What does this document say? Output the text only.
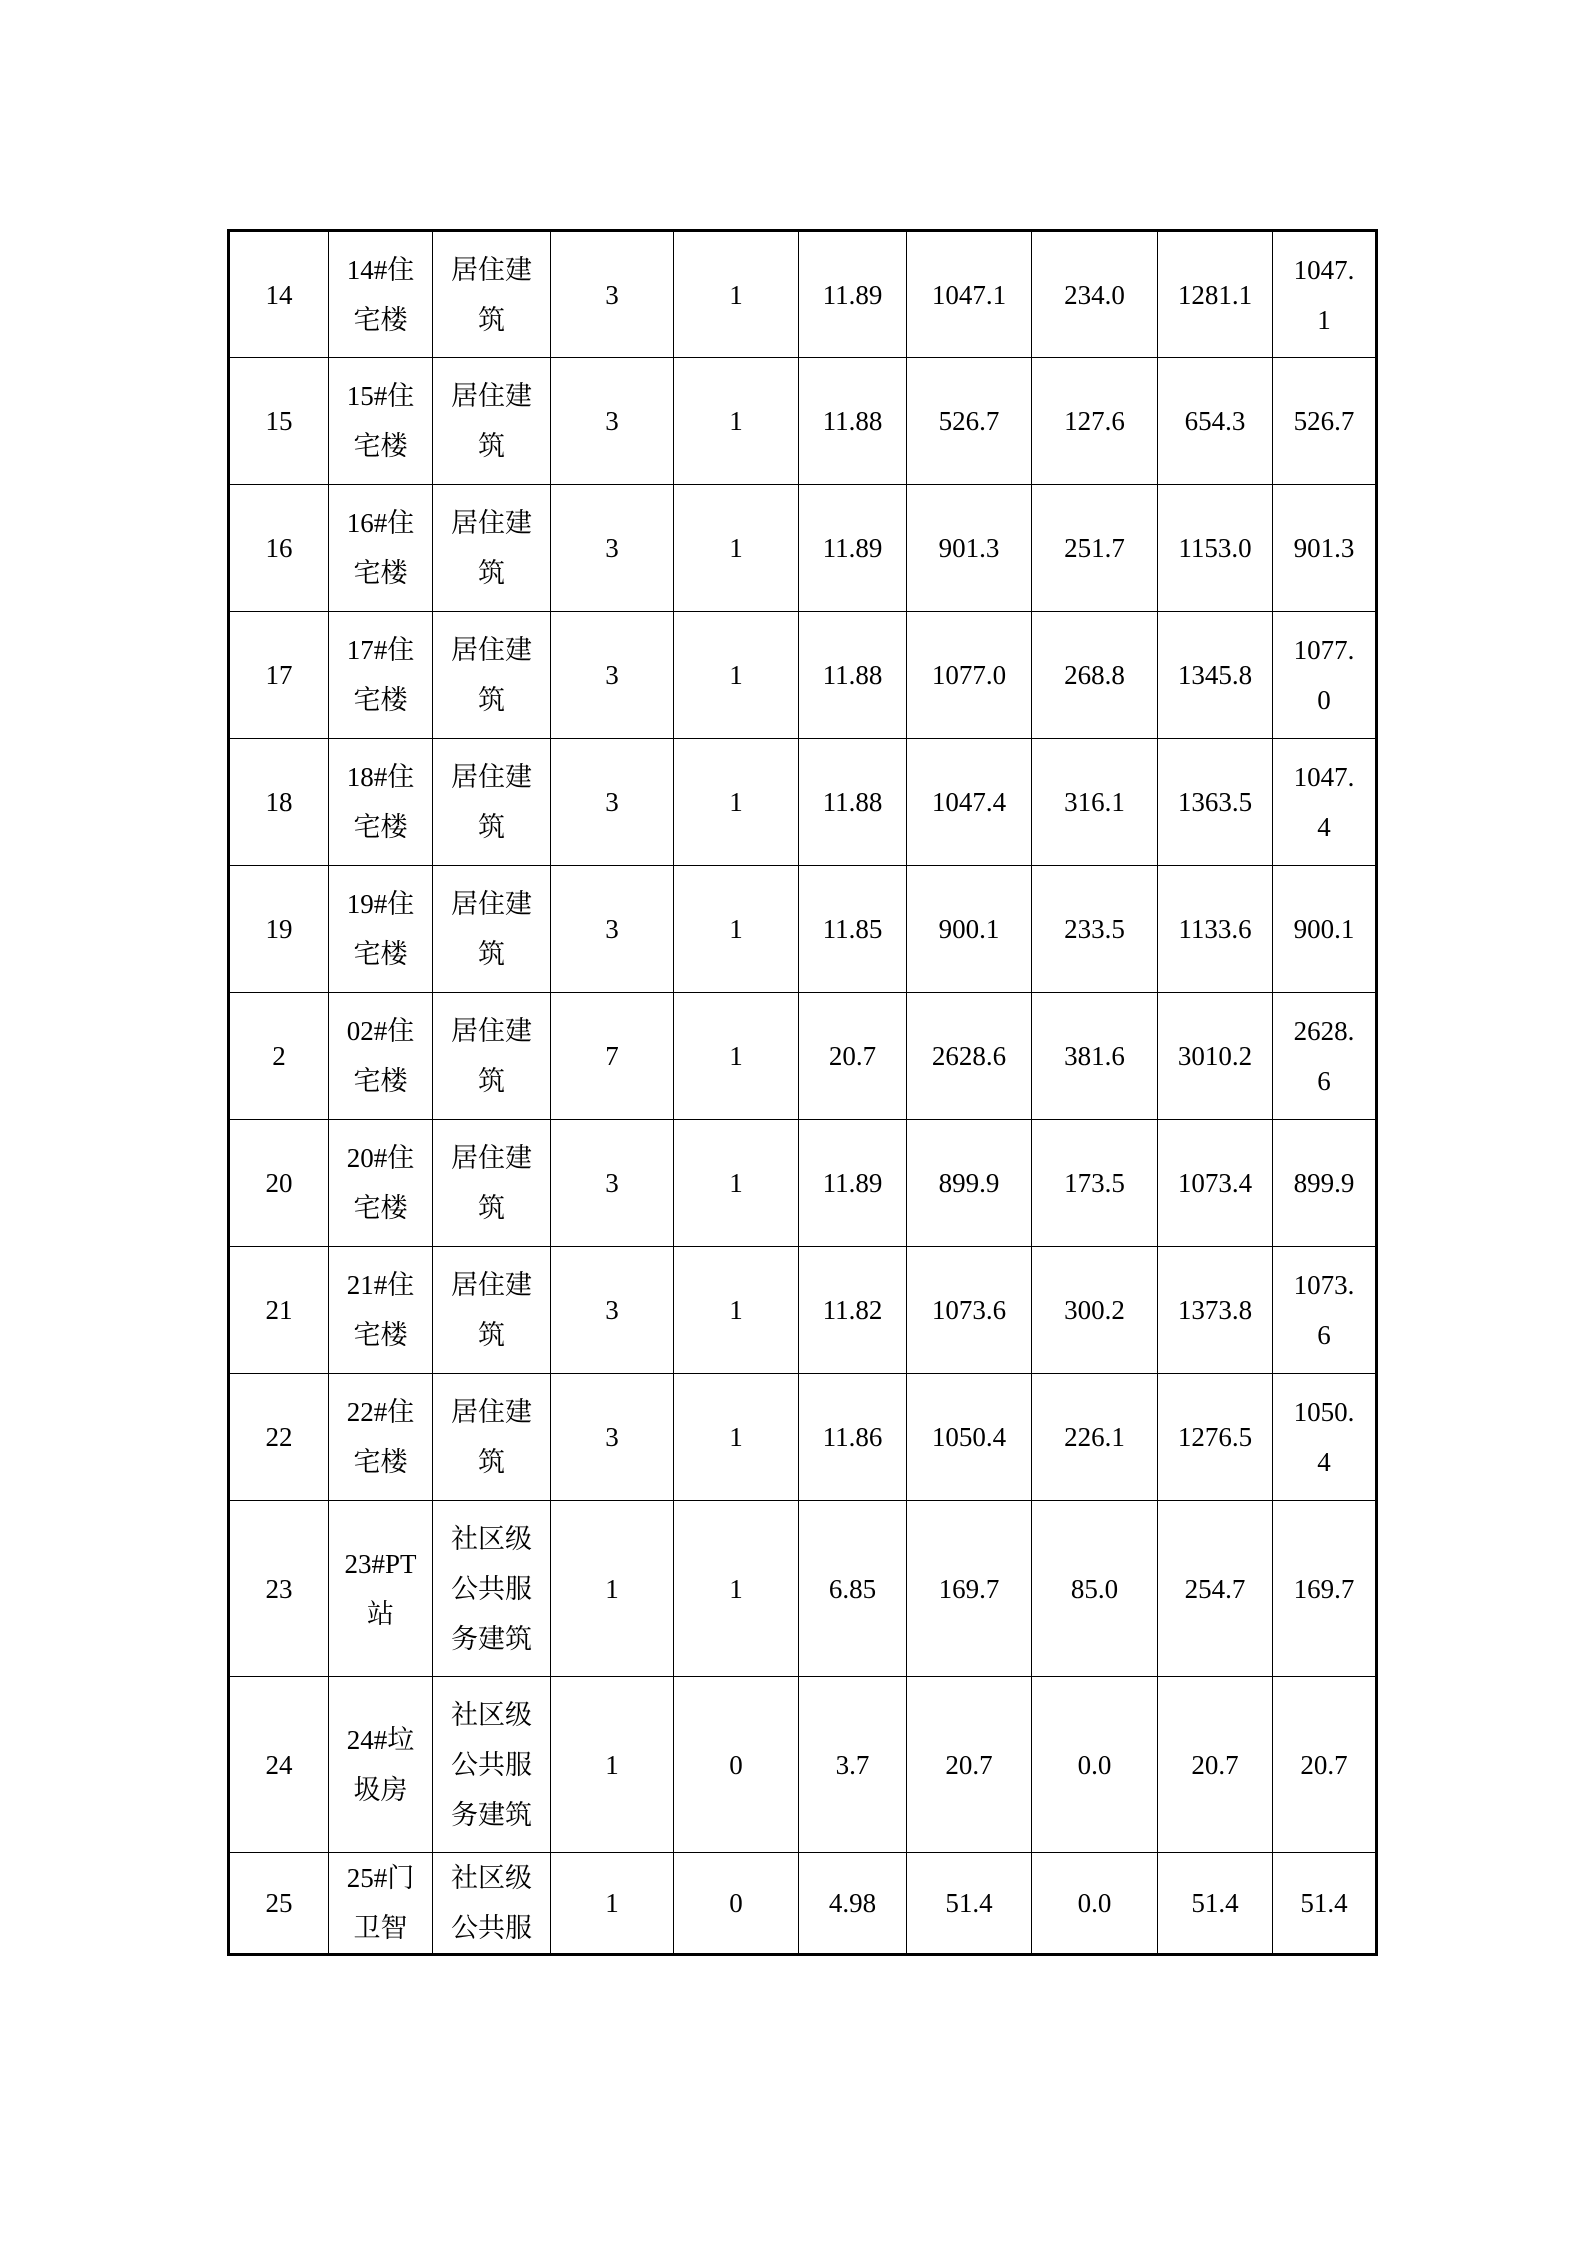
14	14#住宅楼	居住建筑	3	1	11.89	1047.1	234.0	1281.1	1047.1
15	15#住宅楼	居住建筑	3	1	11.88	526.7	127.6	654.3	526.7
16	16#住宅楼	居住建筑	3	1	11.89	901.3	251.7	1153.0	901.3
17	17#住宅楼	居住建筑	3	1	11.88	1077.0	268.8	1345.8	1077.0
18	18#住宅楼	居住建筑	3	1	11.88	1047.4	316.1	1363.5	1047.4
19	19#住宅楼	居住建筑	3	1	11.85	900.1	233.5	1133.6	900.1
2	02#住宅楼	居住建筑	7	1	20.7	2628.6	381.6	3010.2	2628.6
20	20#住宅楼	居住建筑	3	1	11.89	899.9	173.5	1073.4	899.9
21	21#住宅楼	居住建筑	3	1	11.82	1073.6	300.2	1373.8	1073.6
22	22#住宅楼	居住建筑	3	1	11.86	1050.4	226.1	1276.5	1050.4
23	23#PT站	社区级公共服务建筑	1	1	6.85	169.7	85.0	254.7	169.7
24	24#垃圾房	社区级公共服务建筑	1	0	3.7	20.7	0.0	20.7	20.7
25	25#门卫智	社区级公共服	1	0	4.98	51.4	0.0	51.4	51.4
